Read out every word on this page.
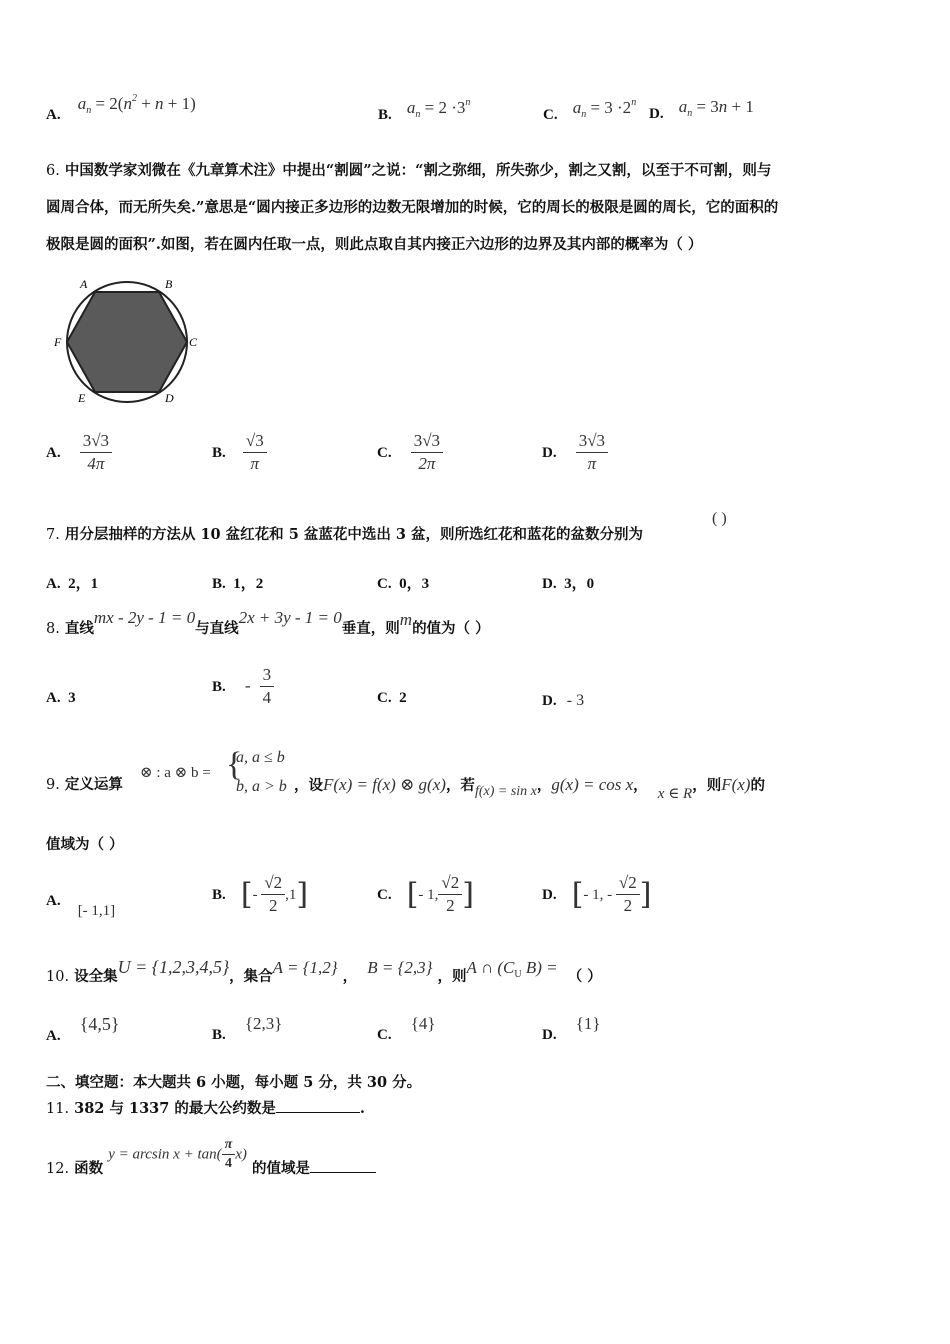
A. $a_n = 2(n^2 + n + 1)$
B. $a_n = 2 \cdot 3^n$
C. $a_n = 3 \cdot 2^n$
D. $a_n = 3n + 1$
6. 中国数学家刘微在《九章算术注》中提出“割圆”之说：“割之弥细，所失弥少，割之又割，以至于不可割，则与
圆周合体，而无所失矣.”意思是“圆内接正多边形的边数无限增加的时候，它的周长的极限是圆的周长，它的面积的
极限是圆的面积”.如图，若在圆内任取一点，则此点取自其内接正六边形的边界及其内部的概率为（ ）
A	B
C
D
E
F
A. $\frac{3√3}{4\pi}$	B. $\frac{√3}{\pi}$	C. $\frac{3√3}{2\pi}$	D. $\frac{3√3}{\pi}$
7. 用分层抽样的方法从 10 盆红花和 5 盆蓝花中选出 3 盆，则所选红花和蓝花的盆数分别为
( )
A. 2，1	B. 1，2	C. 0，3	D. 3，0
8. 直线mx - 2y - 1 = 0与直线2x + 3y - 1 = 0垂直，则m的值为（ ）
A. 3
B. - $\frac{3}{4}$	C. 2	D. - 3
9. 定义运算
⊗ : a ⊗ b = {
a, a ≤ b
b, a > b ，设F(x) = f(x) ⊗ g(x)，若f(x) = sin x，g(x) = cos x， x ∈ R，则F(x)的
值域为（ ）
A. [- 1,1]
B. [- $\frac{√2}{2} ,1$]	C. [- 1, $\frac{√2}{2}$ ]	D. [- 1, - $\frac{√2}{2}$ ]
10. 设全集U = {1,2,3,4,5}，集合A = {1,2} ， B = {2,3} ，则A ∩ ($C_U$ B) = （ ）
A. {4,5}
B. {2,3}
C. {4}
D. {1}
二、填空题：本大题共 6 小题，每小题 5 分，共 30 分。
11. 382 与 1337 的最大公约数是	.
12. 函数 $y = \arcsin x + \tan( \frac{\pi}{4} x)$ 的值域是
